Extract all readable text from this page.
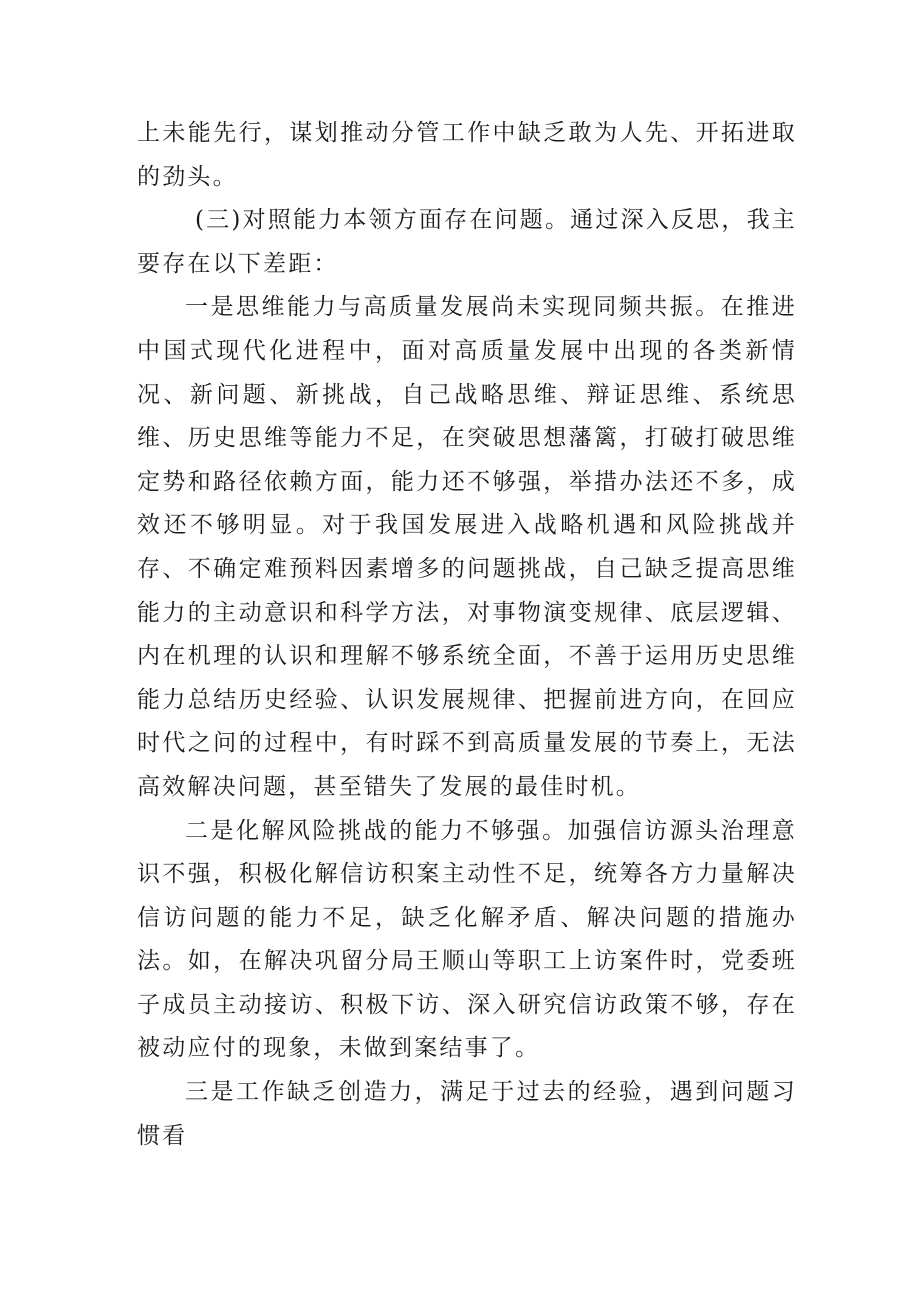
上未能先行，谋划推动分管工作中缺乏敢为人先、开拓进取的劲头。

(三)对照能力本领方面存在问题。通过深入反思，我主要存在以下差距：

一是思维能力与高质量发展尚未实现同频共振。在推进中国式现代化进程中，面对高质量发展中出现的各类新情况、新问题、新挑战，自己战略思维、辩证思维、系统思维、历史思维等能力不足，在突破思想藩篱，打破打破思维定势和路径依赖方面，能力还不够强，举措办法还不多，成效还不够明显。对于我国发展进入战略机遇和风险挑战并存、不确定难预料因素增多的问题挑战，自己缺乏提高思维能力的主动意识和科学方法，对事物演变规律、底层逻辑、内在机理的认识和理解不够系统全面，不善于运用历史思维能力总结历史经验、认识发展规律、把握前进方向，在回应时代之问的过程中，有时踩不到高质量发展的节奏上，无法高效解决问题，甚至错失了发展的最佳时机。

二是化解风险挑战的能力不够强。加强信访源头治理意识不强，积极化解信访积案主动性不足，统筹各方力量解决信访问题的能力不足，缺乏化解矛盾、解决问题的措施办法。如，在解决巩留分局王顺山等职工上访案件时，党委班子成员主动接访、积极下访、深入研究信访政策不够，存在被动应付的现象，未做到案结事了。

三是工作缺乏创造力，满足于过去的经验，遇到问题习惯看
